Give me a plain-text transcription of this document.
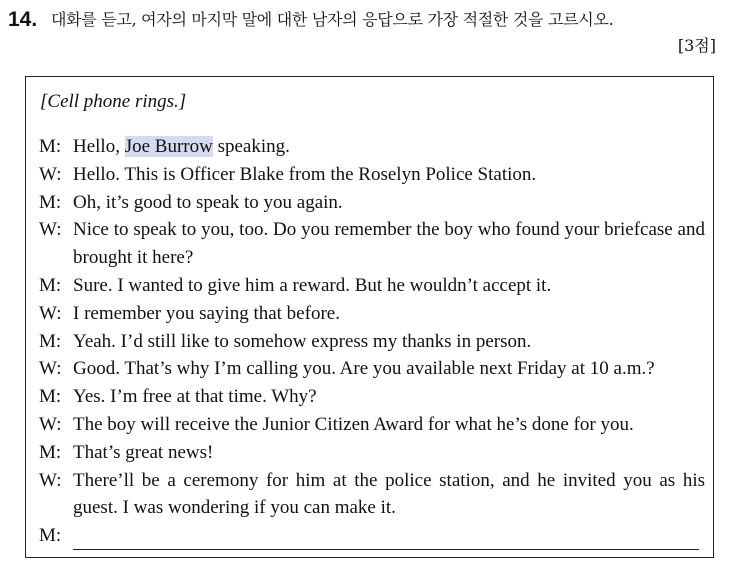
14. 대화를 듣고, 여자의 마지막 말에 대한 남자의 응답으로 가장 적절한 것을 고르시오.
[3점]
[Cell phone rings.]
M: Hello, Joe Burrow speaking.
W: Hello. This is Officer Blake from the Roselyn Police Station.
M: Oh, it’s good to speak to you again.
W: Nice to speak to you, too. Do you remember the boy who found your briefcase and brought it here?
M: Sure. I wanted to give him a reward. But he wouldn’t accept it.
W: I remember you saying that before.
M: Yeah. I’d still like to somehow express my thanks in person.
W: Good. That’s why I’m calling you. Are you available next Friday at 10 a.m.?
M: Yes. I’m free at that time. Why?
W: The boy will receive the Junior Citizen Award for what he’s done for you.
M: That’s great news!
W: There’ll be a ceremony for him at the police station, and he invited you as his guest. I was wondering if you can make it.
M:
